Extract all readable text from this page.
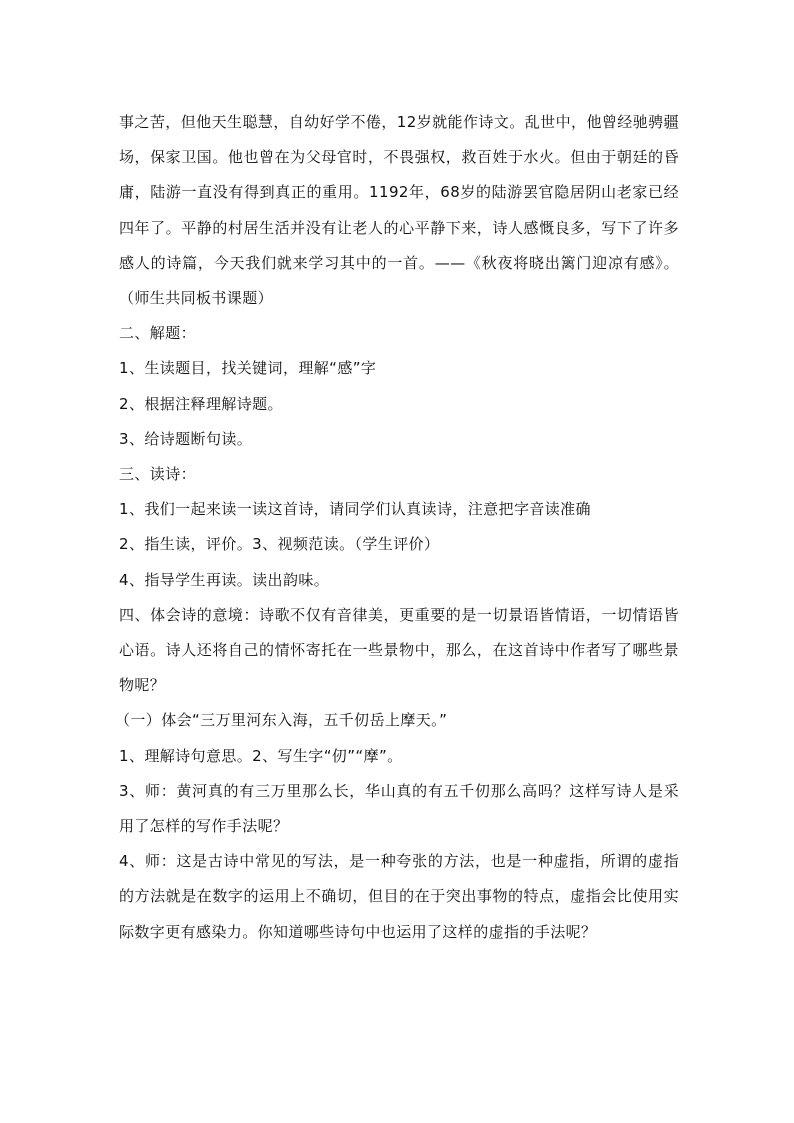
事之苦，但他天生聪慧，自幼好学不倦，12岁就能作诗文。乱世中，他曾经驰骋疆场，保家卫国。他也曾在为父母官时，不畏强权，救百姓于水火。但由于朝廷的昏庸，陆游一直没有得到真正的重用。1192年，68岁的陆游罢官隐居阴山老家已经四年了。平静的村居生活并没有让老人的心平静下来，诗人感慨良多，写下了许多感人的诗篇，今天我们就来学习其中的一首。——《秋夜将晓出篱门迎凉有感》。（师生共同板书课题）

二、解题：

1、生读题目，找关键词，理解“感”字

2、根据注释理解诗题。

3、给诗题断句读。

三、读诗：

1、我们一起来读一读这首诗，请同学们认真读诗，注意把字音读准确

2、指生读，评价。3、视频范读。（学生评价）

4、指导学生再读。读出韵味。

四、体会诗的意境：诗歌不仅有音律美，更重要的是一切景语皆情语，一切情语皆心语。诗人还将自己的情怀寄托在一些景物中，那么，在这首诗中作者写了哪些景物呢？

（一）体会“三万里河东入海，五千仞岳上摩天。”

1、理解诗句意思。2、写生字“仞”“摩”。

3、师：黄河真的有三万里那么长，华山真的有五千仞那么高吗？这样写诗人是采用了怎样的写作手法呢？

4、师：这是古诗中常见的写法，是一种夸张的方法，也是一种虚指，所谓的虚指的方法就是在数字的运用上不确切，但目的在于突出事物的特点，虚指会比使用实际数字更有感染力。你知道哪些诗句中也运用了这样的虚指的手法呢？
